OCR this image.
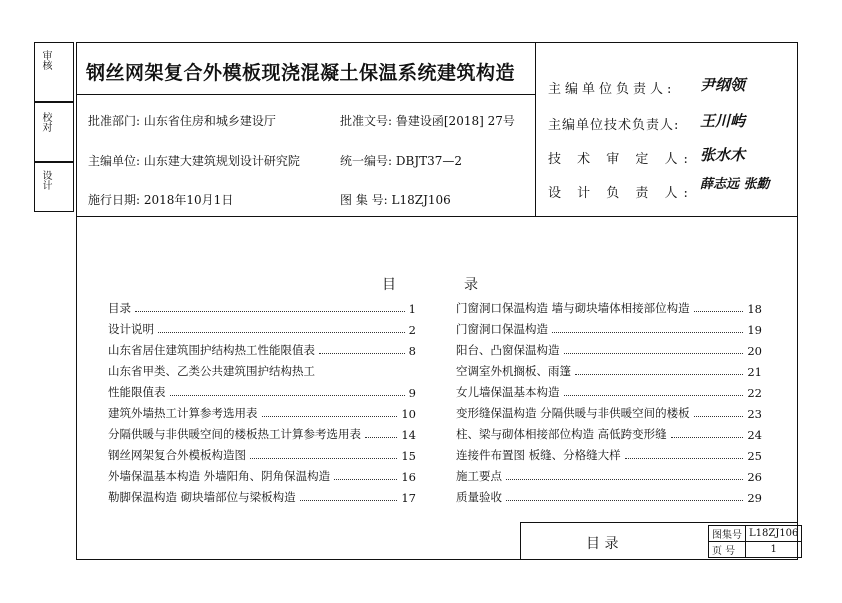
审核
校对
设计
钢丝网架复合外模板现浇混凝土保温系统建筑构造
批准部门: 山东省住房和城乡建设厅	批准文号: 鲁建设函[2018] 27号
主编单位: 山东建大建筑规划设计研究院	统一编号: DBJT37—2
施行日期: 2018年10月1日	图 集 号: L18ZJ106
主编单位负责人: 尹纲领
主编单位技术负责人: 王川屿
技 术 审 定 人: 张水木
设 计 负 责 人:
薛志远 张勤
目	录
目录	1
设计说明	2
山东省居住建筑围护结构热工性能限值表	8
山东省甲类、乙类公共建筑围护结构热工
性能限值表	9
建筑外墙热工计算参考选用表	10
分隔供暖与非供暖空间的楼板热工计算参考选用表	14
钢丝网架复合外模板构造图	15
外墙保温基本构造 外墙阳角、阴角保温构造	16
勒脚保温构造 砌块墙部位与梁板构造	17
门窗洞口保温构造 墙与砌块墙体相接部位构造	18
门窗洞口保温构造	19
阳台、凸窗保温构造	20
空调室外机搁板、雨篷	21
女儿墙保温基本构造	22
变形缝保温构造 分隔供暖与非供暖空间的楼板	23
柱、梁与砌体相接部位构造 高低跨变形缝	24
连接件布置图 板缝、分格缝大样	25
施工要点	26
质量验收	29
目 录
图集号	L18ZJ106
页 号	1
